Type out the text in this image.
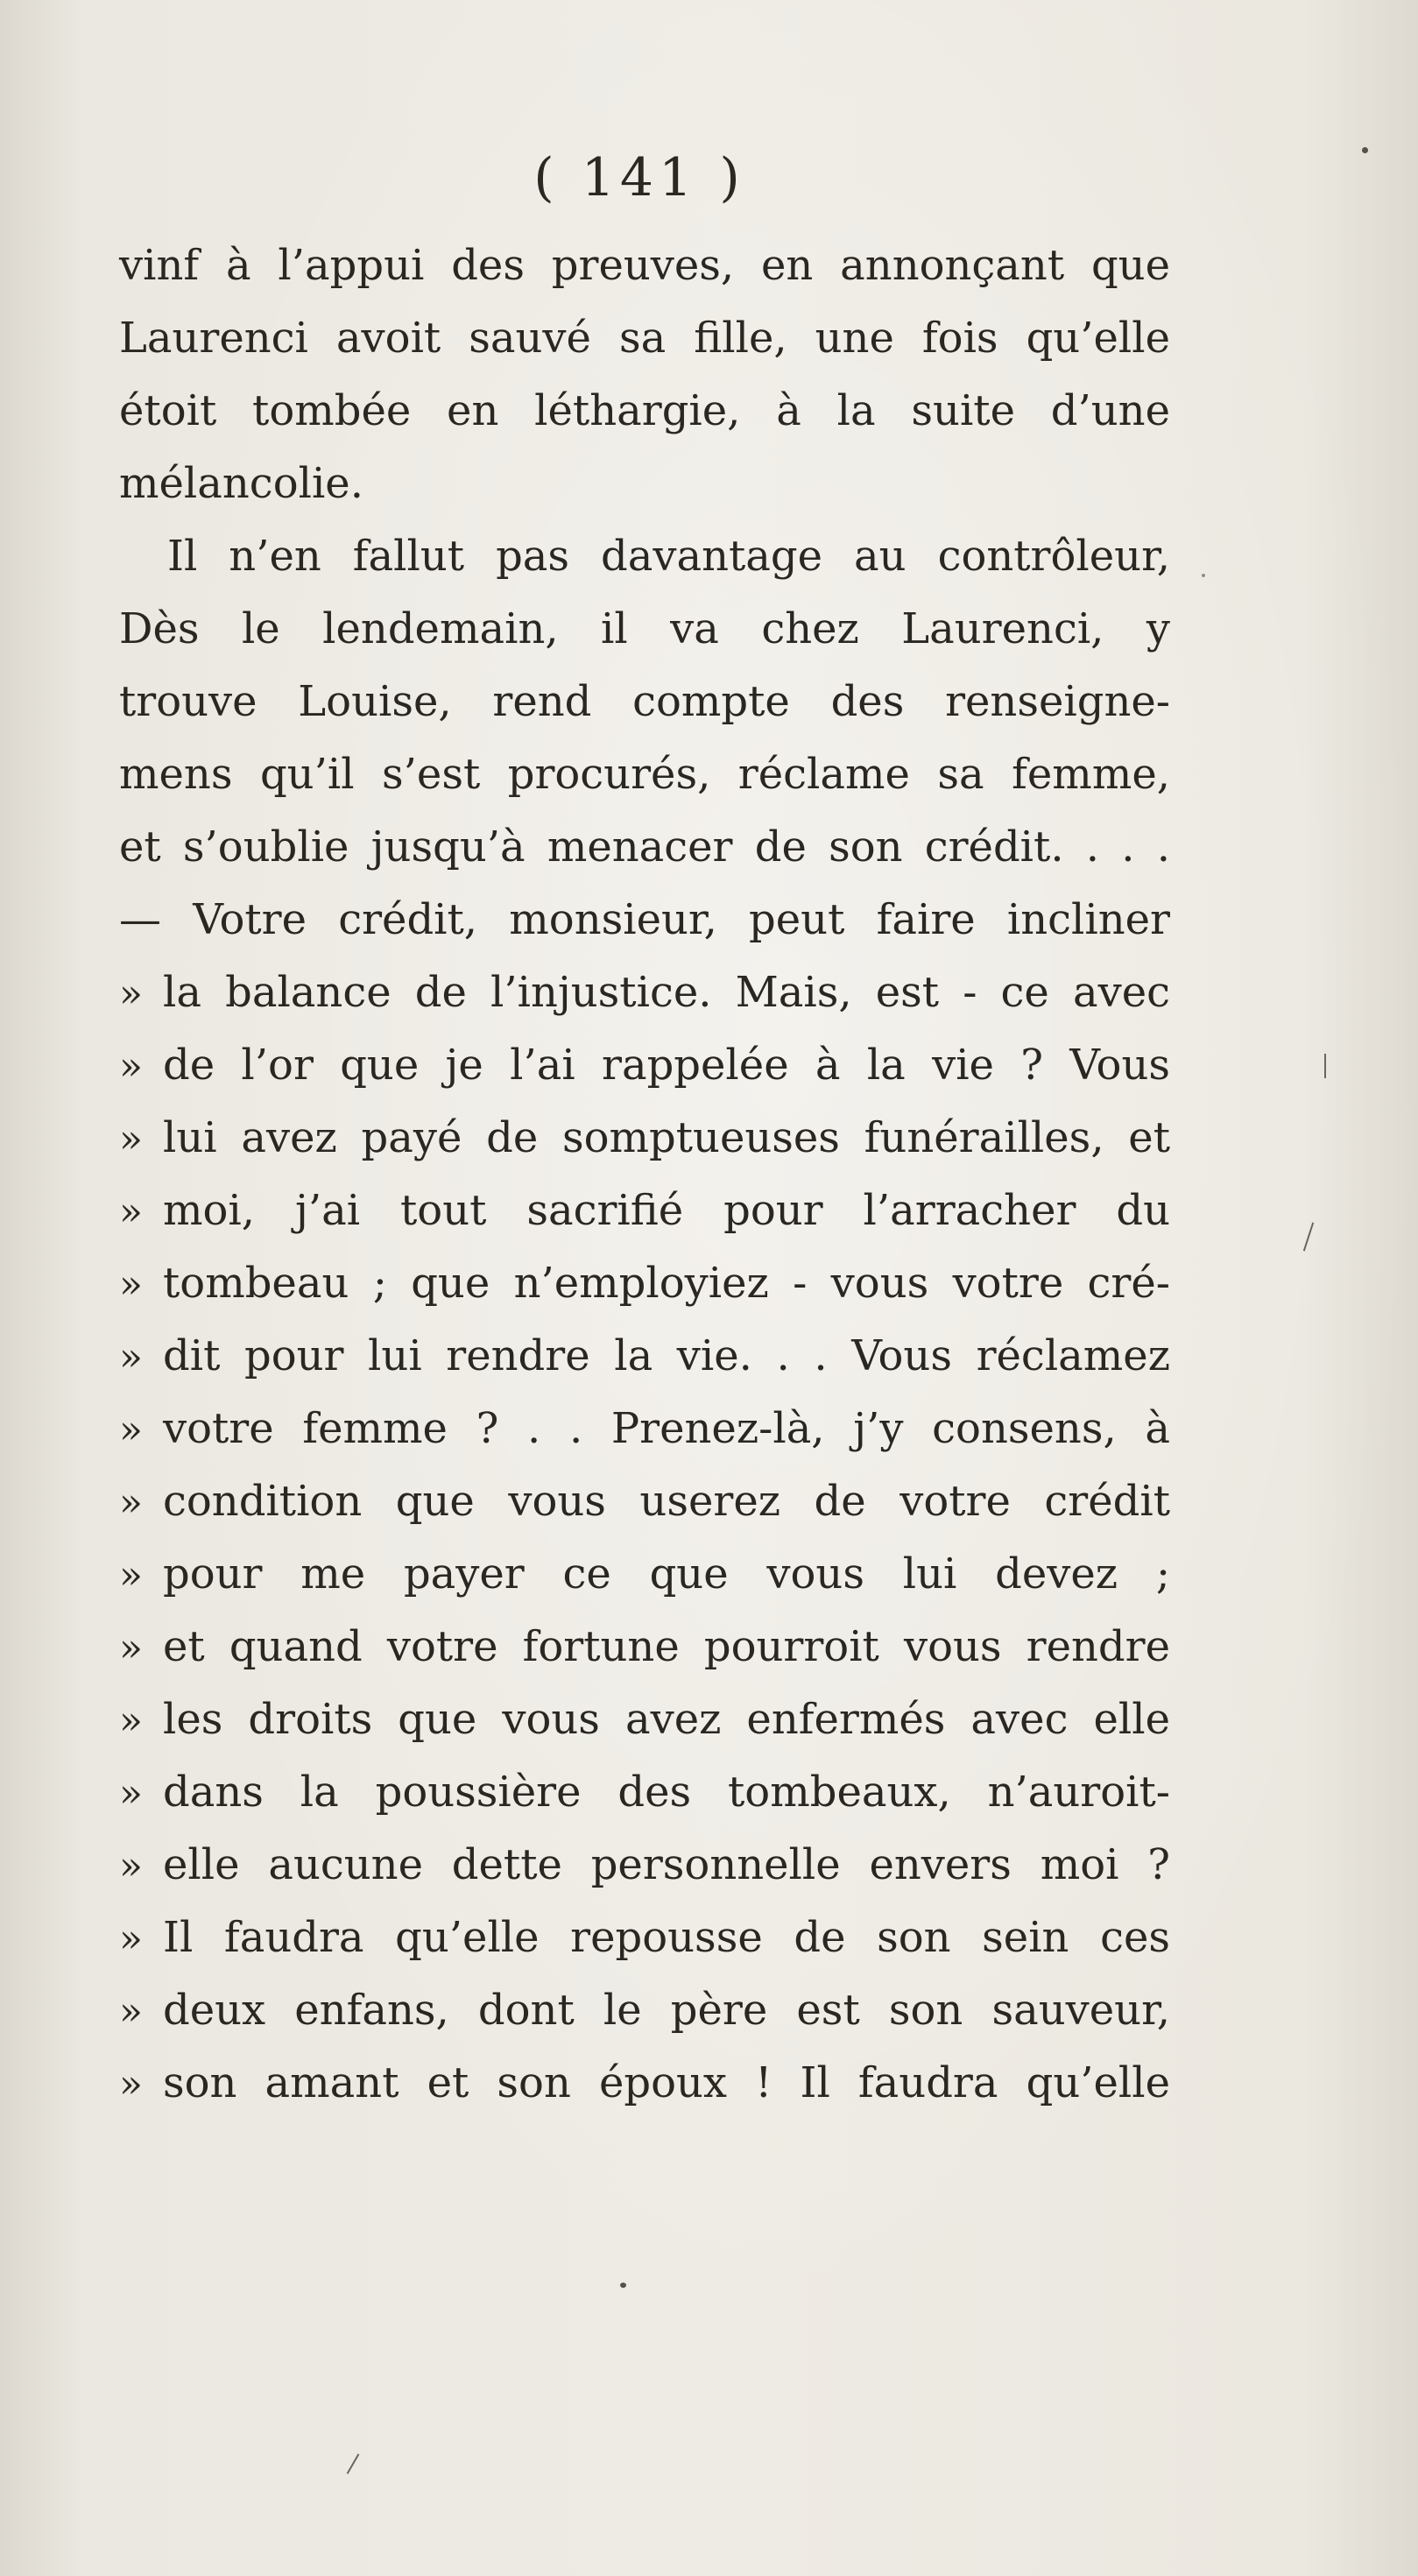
( 141 )
vinf à l’appui des preuves, en annonçant que
Laurenci avoit sauvé sa fille, une fois qu’elle
étoit tombée en léthargie, à la suite d’une
mélancolie.
Il n’en fallut pas davantage au contrôleur,
Dès le lendemain, il va chez Laurenci, y
trouve Louise, rend compte des renseigne-
mens qu’il s’est procurés, réclame sa femme,
et s’oublie jusqu’à menacer de son crédit. . . .
— Votre crédit, monsieur, peut faire incliner
» la balance de l’injustice. Mais, est - ce avec
» de l’or que je l’ai rappelée à la vie ? Vous
» lui avez payé de somptueuses funérailles, et
» moi, j’ai tout sacrifié pour l’arracher du
» tombeau ; que n’employiez - vous votre cré-
» dit pour lui rendre la vie. . . Vous réclamez
» votre femme ? . . Prenez-là, j’y consens, à
» condition que vous userez de votre crédit
» pour me payer ce que vous lui devez ;
» et quand votre fortune pourroit vous rendre
» les droits que vous avez enfermés avec elle
» dans la poussière des tombeaux, n’auroit-
» elle aucune dette personnelle envers moi ?
» Il faudra qu’elle repousse de son sein ces
» deux enfans, dont le père est son sauveur,
» son amant et son époux ! Il faudra qu’elle
